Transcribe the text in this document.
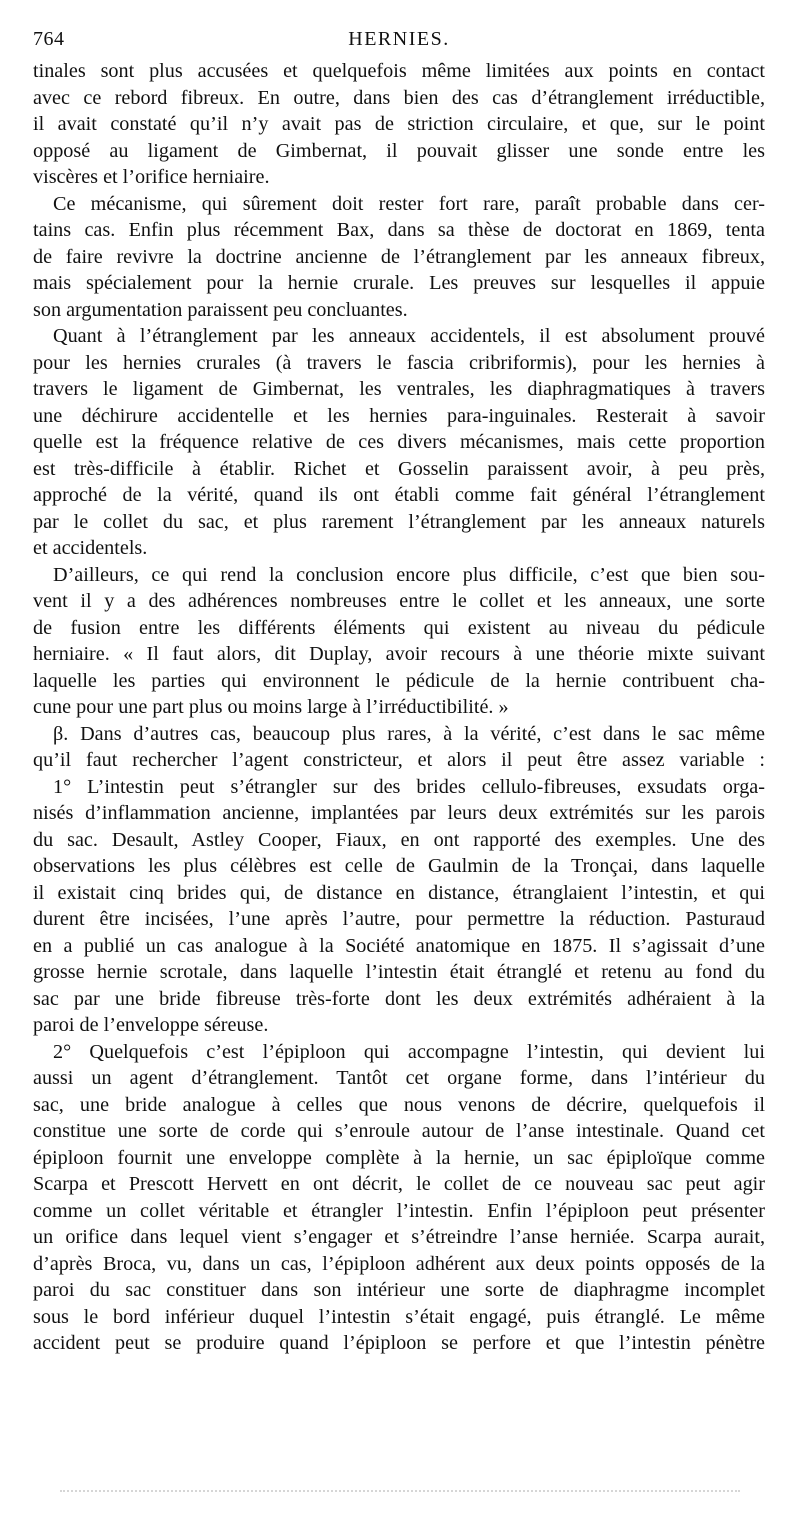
764	HERNIES.
tinales sont plus accusées et quelquefois même limitées aux points en contact
avec ce rebord fibreux. En outre, dans bien des cas d’étranglement irréductible,
il avait constaté qu’il n’y avait pas de striction circulaire, et que, sur le point
opposé au ligament de Gimbernat, il pouvait glisser une sonde entre les
viscères et l’orifice herniaire.
Ce mécanisme, qui sûrement doit rester fort rare, paraît probable dans cer-
tains cas. Enfin plus récemment Bax, dans sa thèse de doctorat en 1869, tenta
de faire revivre la doctrine ancienne de l’étranglement par les anneaux fibreux,
mais spécialement pour la hernie crurale. Les preuves sur lesquelles il appuie
son argumentation paraissent peu concluantes.
Quant à l’étranglement par les anneaux accidentels, il est absolument prouvé
pour les hernies crurales (à travers le fascia cribriformis), pour les hernies à
travers le ligament de Gimbernat, les ventrales, les diaphragmatiques à travers
une déchirure accidentelle et les hernies para-inguinales. Resterait à savoir
quelle est la fréquence relative de ces divers mécanismes, mais cette proportion
est très-difficile à établir. Richet et Gosselin paraissent avoir, à peu près,
approché de la vérité, quand ils ont établi comme fait général l’étranglement
par le collet du sac, et plus rarement l’étranglement par les anneaux naturels
et accidentels.
D’ailleurs, ce qui rend la conclusion encore plus difficile, c’est que bien sou-
vent il y a des adhérences nombreuses entre le collet et les anneaux, une sorte
de fusion entre les différents éléments qui existent au niveau du pédicule
herniaire. « Il faut alors, dit Duplay, avoir recours à une théorie mixte suivant
laquelle les parties qui environnent le pédicule de la hernie contribuent cha-
cune pour une part plus ou moins large à l’irréductibilité. »
β. Dans d’autres cas, beaucoup plus rares, à la vérité, c’est dans le sac même
qu’il faut rechercher l’agent constricteur, et alors il peut être assez variable :
1° L’intestin peut s’étrangler sur des brides cellulo-fibreuses, exsudats orga-
nisés d’inflammation ancienne, implantées par leurs deux extrémités sur les parois
du sac. Desault, Astley Cooper, Fiaux, en ont rapporté des exemples. Une des
observations les plus célèbres est celle de Gaulmin de la Tronçai, dans laquelle
il existait cinq brides qui, de distance en distance, étranglaient l’intestin, et qui
durent être incisées, l’une après l’autre, pour permettre la réduction. Pasturaud
en a publié un cas analogue à la Société anatomique en 1875. Il s’agissait d’une
grosse hernie scrotale, dans laquelle l’intestin était étranglé et retenu au fond du
sac par une bride fibreuse très-forte dont les deux extrémités adhéraient à la
paroi de l’enveloppe séreuse.
2° Quelquefois c’est l’épiploon qui accompagne l’intestin, qui devient lui
aussi un agent d’étranglement. Tantôt cet organe forme, dans l’intérieur du
sac, une bride analogue à celles que nous venons de décrire, quelquefois il
constitue une sorte de corde qui s’enroule autour de l’anse intestinale. Quand cet
épiploon fournit une enveloppe complète à la hernie, un sac épiploïque comme
Scarpa et Prescott Hervett en ont décrit, le collet de ce nouveau sac peut agir
comme un collet véritable et étrangler l’intestin. Enfin l’épiploon peut présenter
un orifice dans lequel vient s’engager et s’étreindre l’anse herniée. Scarpa aurait,
d’après Broca, vu, dans un cas, l’épiploon adhérent aux deux points opposés de la
paroi du sac constituer dans son intérieur une sorte de diaphragme incomplet
sous le bord inférieur duquel l’intestin s’était engagé, puis étranglé. Le même
accident peut se produire quand l’épiploon se perfore et que l’intestin pénètre
